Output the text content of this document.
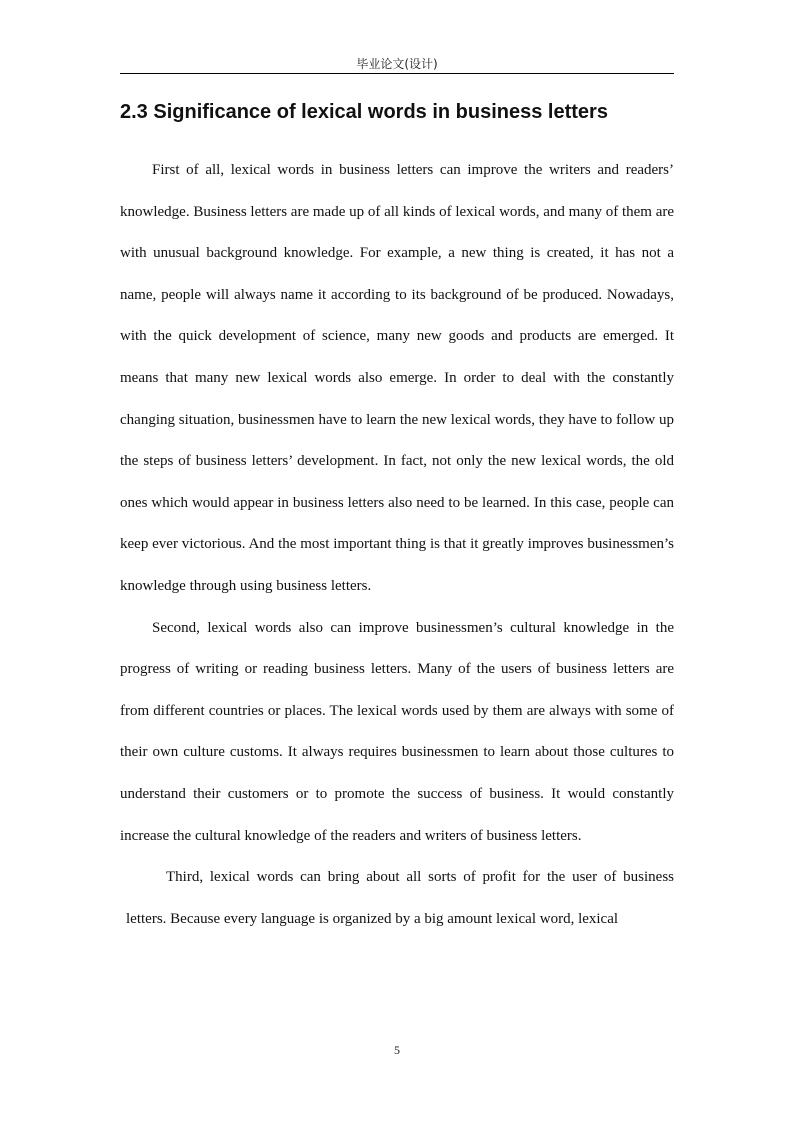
毕业论文(设计)
2.3 Significance of lexical words in business letters

First of all, lexical words in business letters can improve the writers and readers’ knowledge. Business letters are made up of all kinds of lexical words, and many of them are with unusual background knowledge. For example, a new thing is created, it has not a name, people will always name it according to its background of be produced. Nowadays, with the quick development of science, many new goods and products are emerged. It means that many new lexical words also emerge. In order to deal with the constantly changing situation, businessmen have to learn the new lexical words, they have to follow up the steps of business letters’ development. In fact, not only the new lexical words, the old ones which would appear in business letters also need to be learned. In this case, people can keep ever victorious. And the most important thing is that it greatly improves businessmen’s knowledge through using business letters.

Second, lexical words also can improve businessmen’s cultural knowledge in the progress of writing or reading business letters. Many of the users of business letters are from different countries or places. The lexical words used by them are always with some of their own culture customs. It always requires businessmen to learn about those cultures to understand their customers or to promote the success of business. It would constantly increase the cultural knowledge of the readers and writers of business letters.

Third, lexical words can bring about all sorts of profit for the user of business letters. Because every language is organized by a big amount lexical word, lexical

5
